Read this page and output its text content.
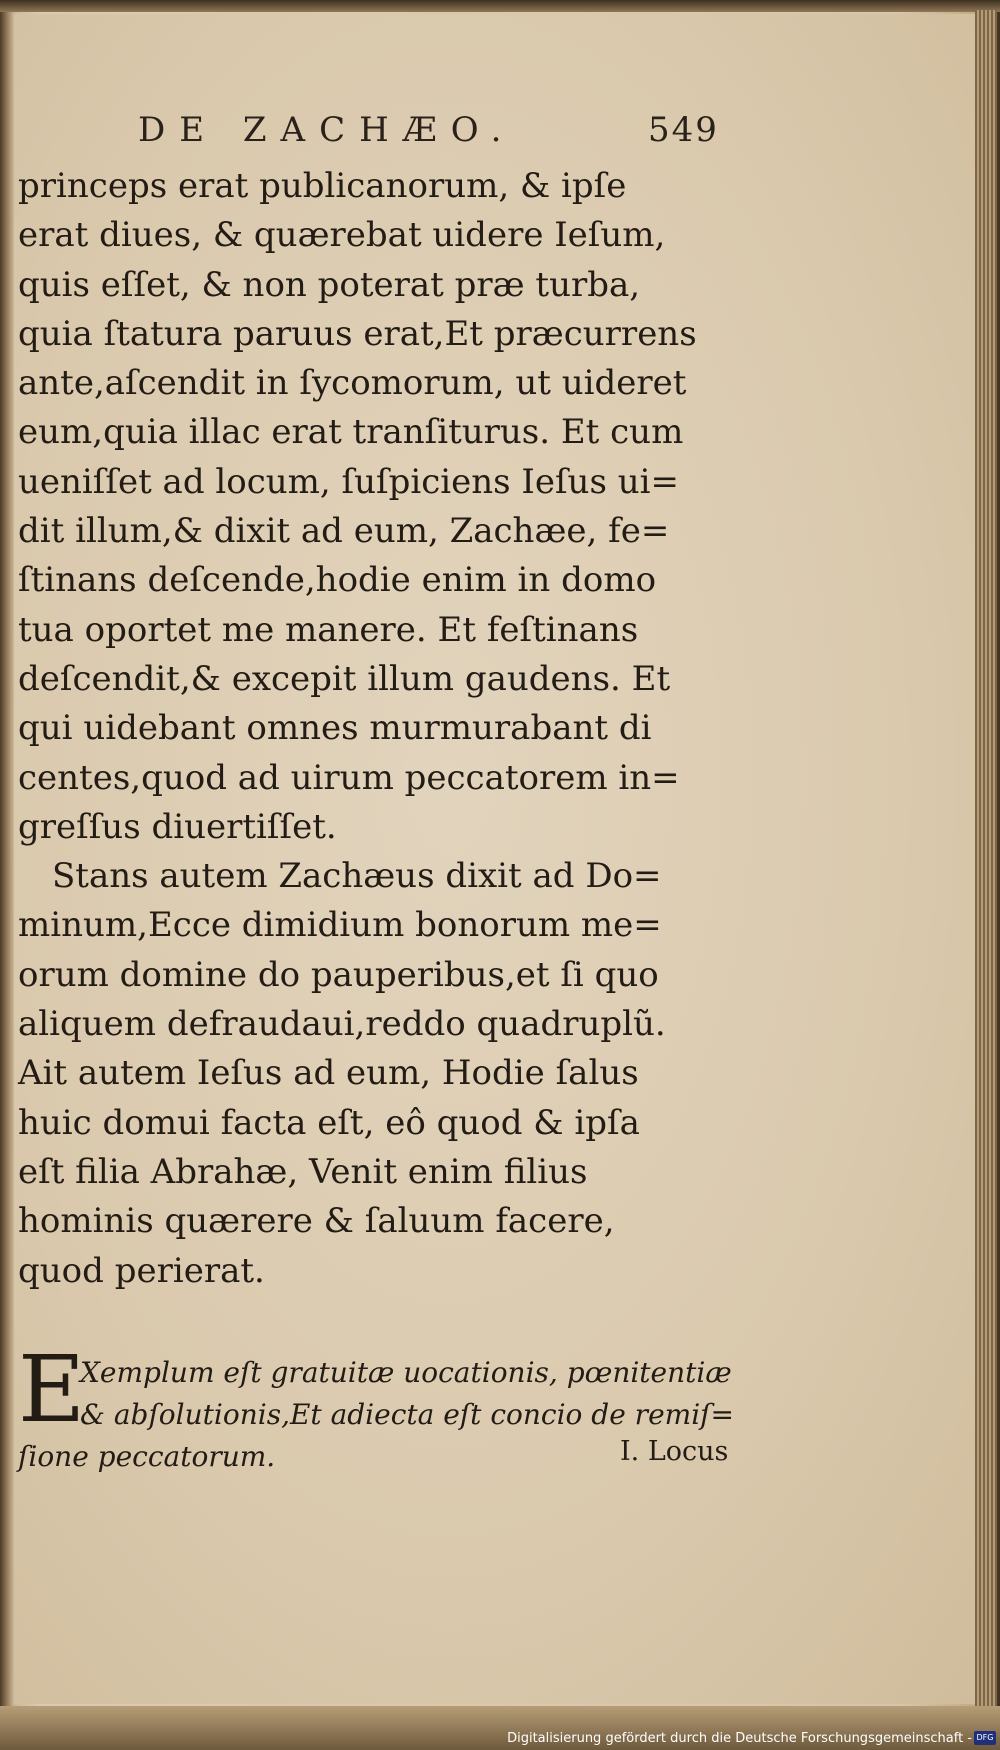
DE ZACHÆO.	549
princeps erat publicanorum, & ipſe
erat diues, & quærebat uidere Ieſum,
quis eſſet, & non poterat præ turba,
quia ſtatura paruus erat,Et præcurrens
ante,aſcendit in ſycomorum, ut uideret
eum,quia illac erat tranſiturus. Et cum
ueniſſet ad locum, ſuſpiciens Ieſus ui=
dit illum,& dixit ad eum, Zachæe, fe=
ſtinans deſcende,hodie enim in domo
tua oportet me manere. Et feſtinans
deſcendit,& excepit illum gaudens. Et
qui uidebant omnes murmurabant di
centes,quod ad uirum peccatorem in=
greſſus diuertiſſet.
Stans autem Zachæus dixit ad Do=
minum,Ecce dimidium bonorum me=
orum domine do pauperibus,et ſi quo
aliquem defraudaui,reddo quadruplũ.
Ait autem Ieſus ad eum, Hodie ſalus
huic domui facta eſt, eô quod & ipſa
eſt filia Abrahæ, Venit enim filius
hominis quærere & ſaluum facere,
quod perierat.
E
Xemplum eſt gratuitæ uocationis, pœnitentiæ
& abſolutionis,Et adiecta eſt concio de remiſ=
ſione peccatorum.	I. Locus
Digitalisierung gefördert durch die Deutsche Forschungsgemeinschaft - DFG
